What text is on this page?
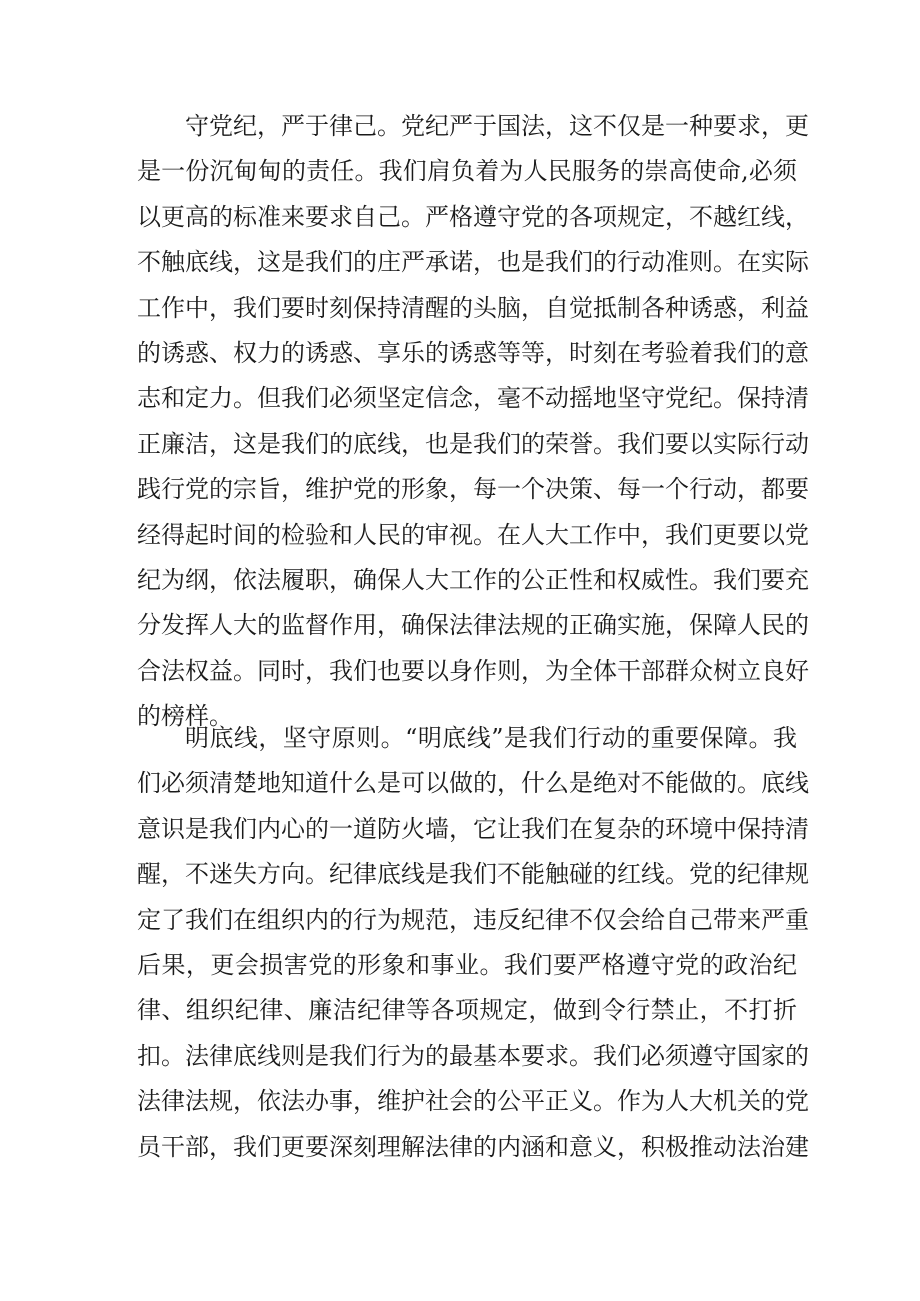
守党纪，严于律己。党纪严于国法，这不仅是一种要求，更
是一份沉甸甸的责任。我们肩负着为人民服务的崇高使命,必须
以更高的标准来要求自己。严格遵守党的各项规定，不越红线，
不触底线，这是我们的庄严承诺，也是我们的行动准则。在实际
工作中，我们要时刻保持清醒的头脑，自觉抵制各种诱惑，利益
的诱惑、权力的诱惑、享乐的诱惑等等，时刻在考验着我们的意
志和定力。但我们必须坚定信念，毫不动摇地坚守党纪。保持清
正廉洁，这是我们的底线，也是我们的荣誉。我们要以实际行动
践行党的宗旨，维护党的形象，每一个决策、每一个行动，都要
经得起时间的检验和人民的审视。在人大工作中，我们更要以党
纪为纲，依法履职，确保人大工作的公正性和权威性。我们要充
分发挥人大的监督作用，确保法律法规的正确实施，保障人民的
合法权益。同时，我们也要以身作则，为全体干部群众树立良好
的榜样。
明底线，坚守原则。“明底线”是我们行动的重要保障。我
们必须清楚地知道什么是可以做的，什么是绝对不能做的。底线
意识是我们内心的一道防火墙，它让我们在复杂的环境中保持清
醒，不迷失方向。纪律底线是我们不能触碰的红线。党的纪律规
定了我们在组织内的行为规范，违反纪律不仅会给自己带来严重
后果，更会损害党的形象和事业。我们要严格遵守党的政治纪
律、组织纪律、廉洁纪律等各项规定，做到令行禁止，不打折
扣。法律底线则是我们行为的最基本要求。我们必须遵守国家的
法律法规，依法办事，维护社会的公平正义。作为人大机关的党
员干部，我们更要深刻理解法律的内涵和意义，积极推动法治建
